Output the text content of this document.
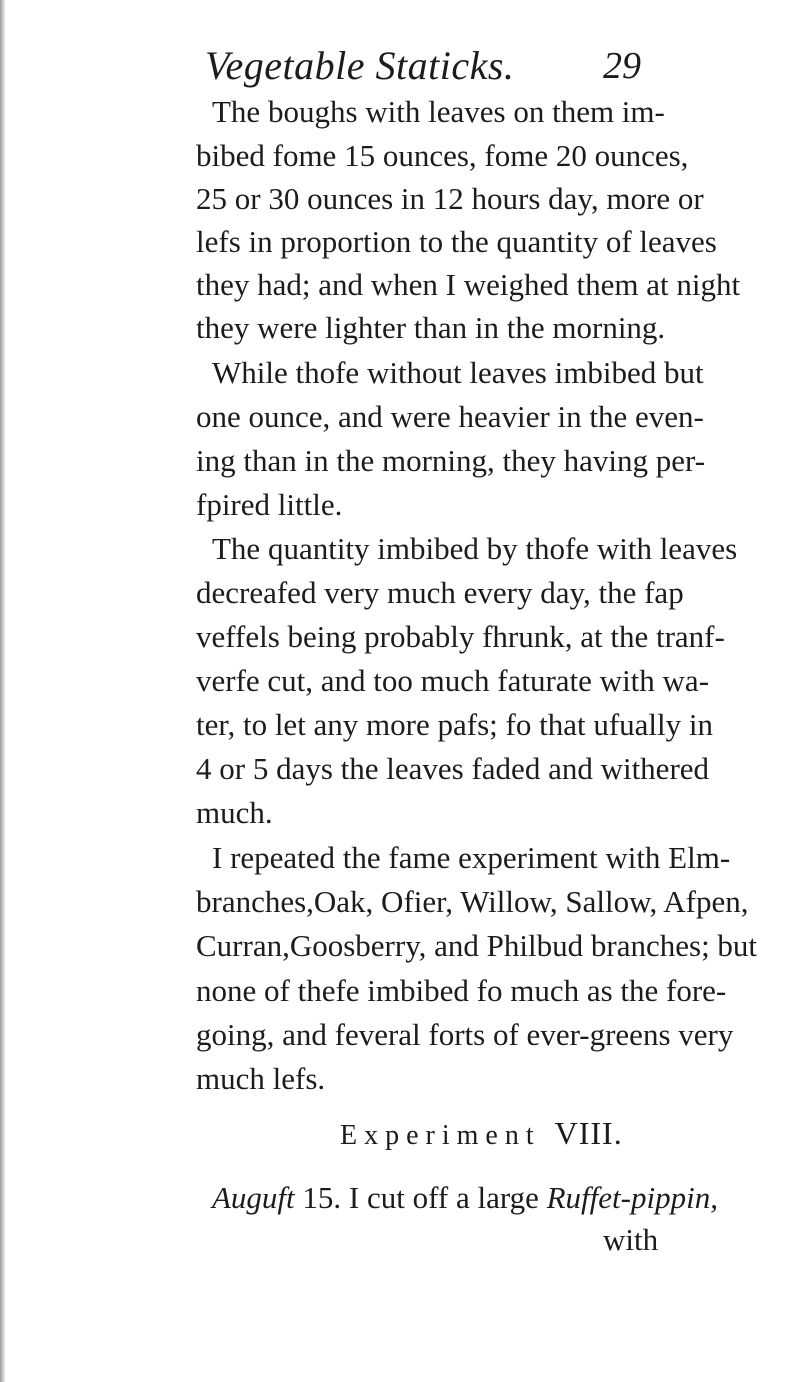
Vegetable Staticks. 29
The boughs with leaves on them im-
bibed fome 15 ounces, fome 20 ounces,
25 or 30 ounces in 12 hours day, more or
lefs in proportion to the quantity of leaves
they had; and when I weighed them at night
they were lighter than in the morning.
While thofe without leaves imbibed but
one ounce, and were heavier in the even-
ing than in the morning, they having per-
fpired little.
The quantity imbibed by thofe with leaves
decreafed very much every day, the fap
veffels being probably fhrunk, at the tranf-
verfe cut, and too much faturate with wa-
ter, to let any more pafs; fo that ufually in
4 or 5 days the leaves faded and withered
much.
I repeated the fame experiment with Elm-
branches,Oak, Ofier, Willow, Sallow, Afpen,
Curran,Goosberry, and Philbud branches; but
none of thefe imbibed fo much as the fore-
going, and feveral forts of ever-greens very
much lefs.
Experiment VIII.
Auguft 15. I cut off a large Ruffet-pippin,
with
